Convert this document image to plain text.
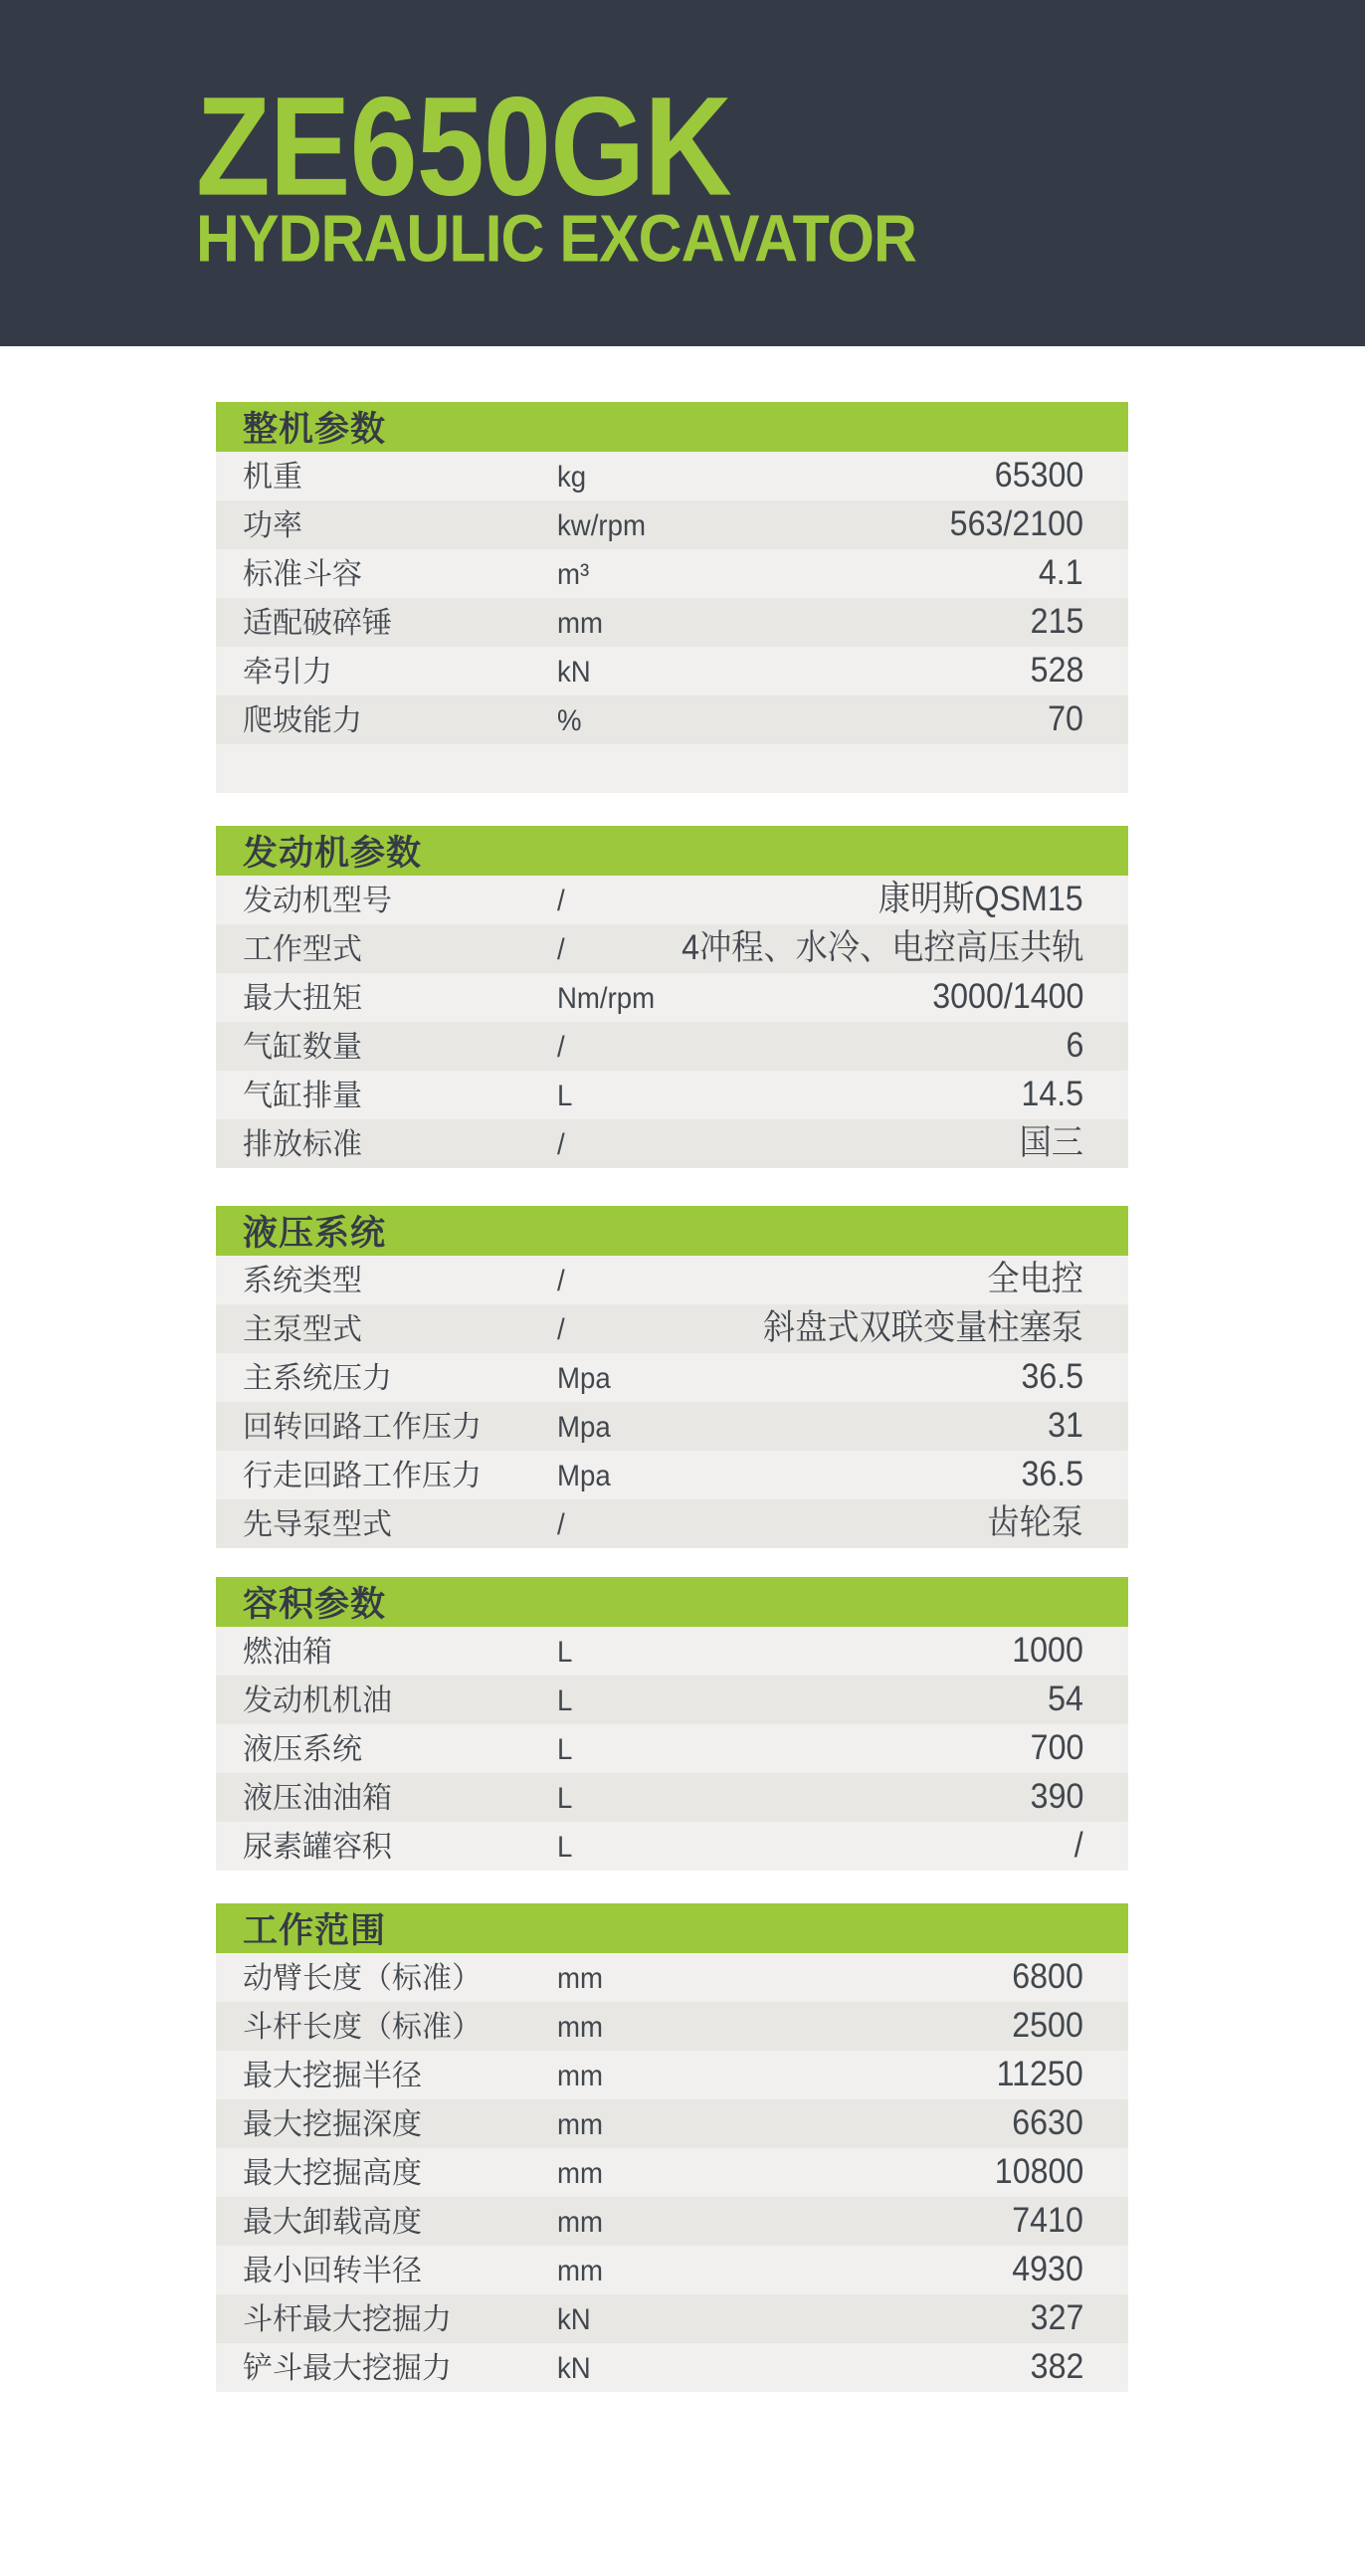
ZE650GK
HYDRAULIC EXCAVATOR
整机参数
机重	kg	65300
功率	kw/rpm	563/2100
标准斗容	m³	4.1
适配破碎锤	mm	215
牵引力	kN	528
爬坡能力	%	70
发动机参数
发动机型号	/	康明斯QSM15
工作型式	/	4冲程、水冷、电控高压共轨
最大扭矩	Nm/rpm	3000/1400
气缸数量	/	6
气缸排量	L	14.5
排放标准	/	国三
液压系统
系统类型	/	全电控
主泵型式	/	斜盘式双联变量柱塞泵
主系统压力	Mpa	36.5
回转回路工作压力	Mpa	31
行走回路工作压力	Mpa	36.5
先导泵型式	/	齿轮泵
容积参数
燃油箱	L	1000
发动机机油	L	54
液压系统	L	700
液压油油箱	L	390
尿素罐容积	L	/
工作范围
动臂长度（标准）	mm	6800
斗杆长度（标准）	mm	2500
最大挖掘半径	mm	11250
最大挖掘深度	mm	6630
最大挖掘高度	mm	10800
最大卸载高度	mm	7410
最小回转半径	mm	4930
斗杆最大挖掘力	kN	327
铲斗最大挖掘力	kN	382
